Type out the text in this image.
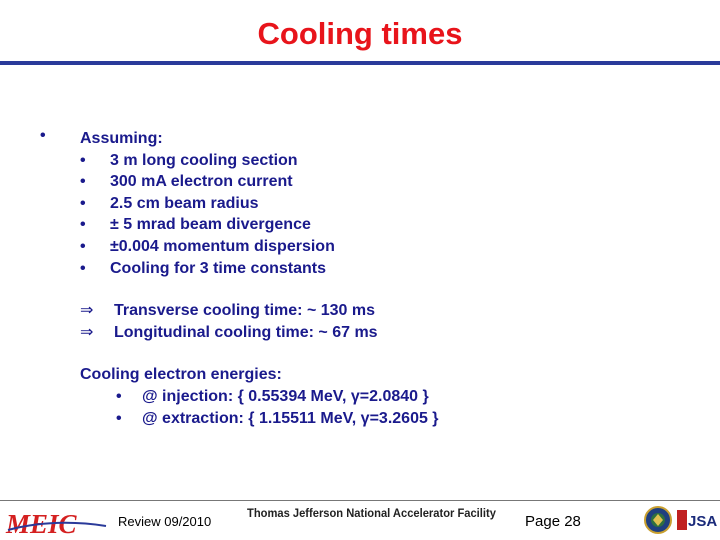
Cooling times
• Assuming:
• 3 m long cooling section
• 300 mA electron current
• 2.5 cm beam radius
• ± 5 mrad beam divergence
• ±0.004 momentum dispersion
• Cooling for 3 time constants
⇒ Transverse cooling time: ~ 130 ms
⇒ Longitudinal cooling time: ~ 67 ms
Cooling electron energies:
• @ injection: { 0.55394 MeV, γ=2.0840 }
• @ extraction: { 1.15511 MeV, γ=3.2605 }
MEIC	Review 09/2010
Thomas Jefferson National Accelerator Facility Page 28	JSA
